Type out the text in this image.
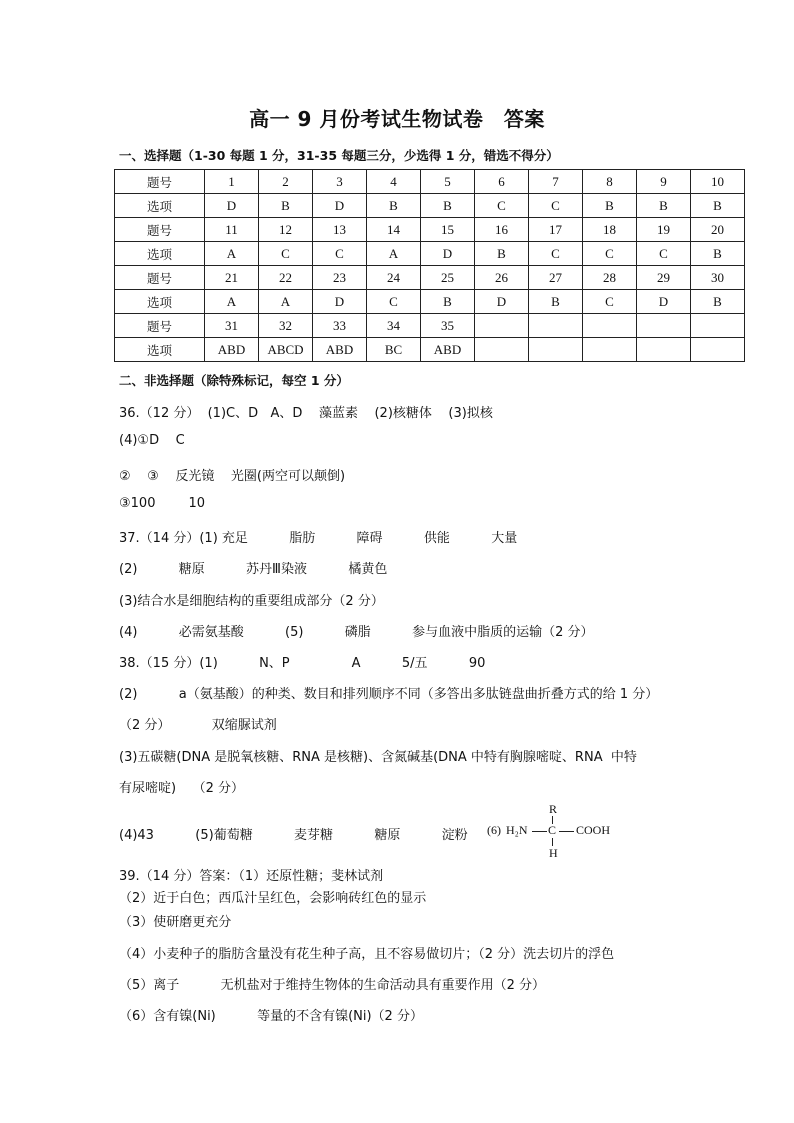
高一 9 月份考试生物试卷　答案
一、选择题（1-30 每题 1 分，31-35 每题三分，少选得 1 分，错选不得分）
题号	1	2	3	4	5	6	7	8	9	10
选项	D	B	D	B	B	C	C	B	B	B
题号	11	12	13	14	15	16	17	18	19	20
选项	A	C	C	A	D	B	C	C	C	B
题号	21	22	23	24	25	26	27	28	29	30
选项	A	A	D	C	B	D	B	C	D	B
题号	31	32	33	34	35					
选项	ABD	ABCD	ABD	BC	ABD					
二、非选择题（除特殊标记，每空 1 分）
36.（12 分）  (1)C、D   A、D    藻蓝素    (2)核糖体    (3)拟核
(4)①D    C
②    ③    反光镜    光圈(两空可以颠倒)
③100        10
37.（14 分）(1) 充足          脂肪          障碍          供能          大量
(2)          糖原          苏丹Ⅲ染液          橘黄色
(3)结合水是细胞结构的重要组成部分（2 分）
(4)          必需氨基酸          (5)          磷脂          参与血液中脂质的运输（2 分）
38.（15 分）(1)          N、P               A          5/五          90
(2)          a（氨基酸）的种类、数目和排列顺序不同（多答出多肽链盘曲折叠方式的给 1 分）
（2 分）          双缩脲试剂
(3)五碳糖(DNA 是脱氧核糖、RNA 是核糖)、含氮碱基(DNA 中特有胸腺嘧啶、RNA  中特
有尿嘧啶)    （2 分）
(4)43          (5)葡萄糖          麦芽糖          糖原          淀粉 (6) H₂N
R
C
H
COOH
39.（14 分）答案：（1）还原性糖；斐林试剂
（2）近于白色；西瓜汁呈红色，会影响砖红色的显示
（3）使研磨更充分
（4）小麦种子的脂肪含量没有花生种子高，且不容易做切片；（2 分）洗去切片的浮色
（5）离子          无机盐对于维持生物体的生命活动具有重要作用（2 分）
（6）含有镍(Ni)          等量的不含有镍(Ni)（2 分）
